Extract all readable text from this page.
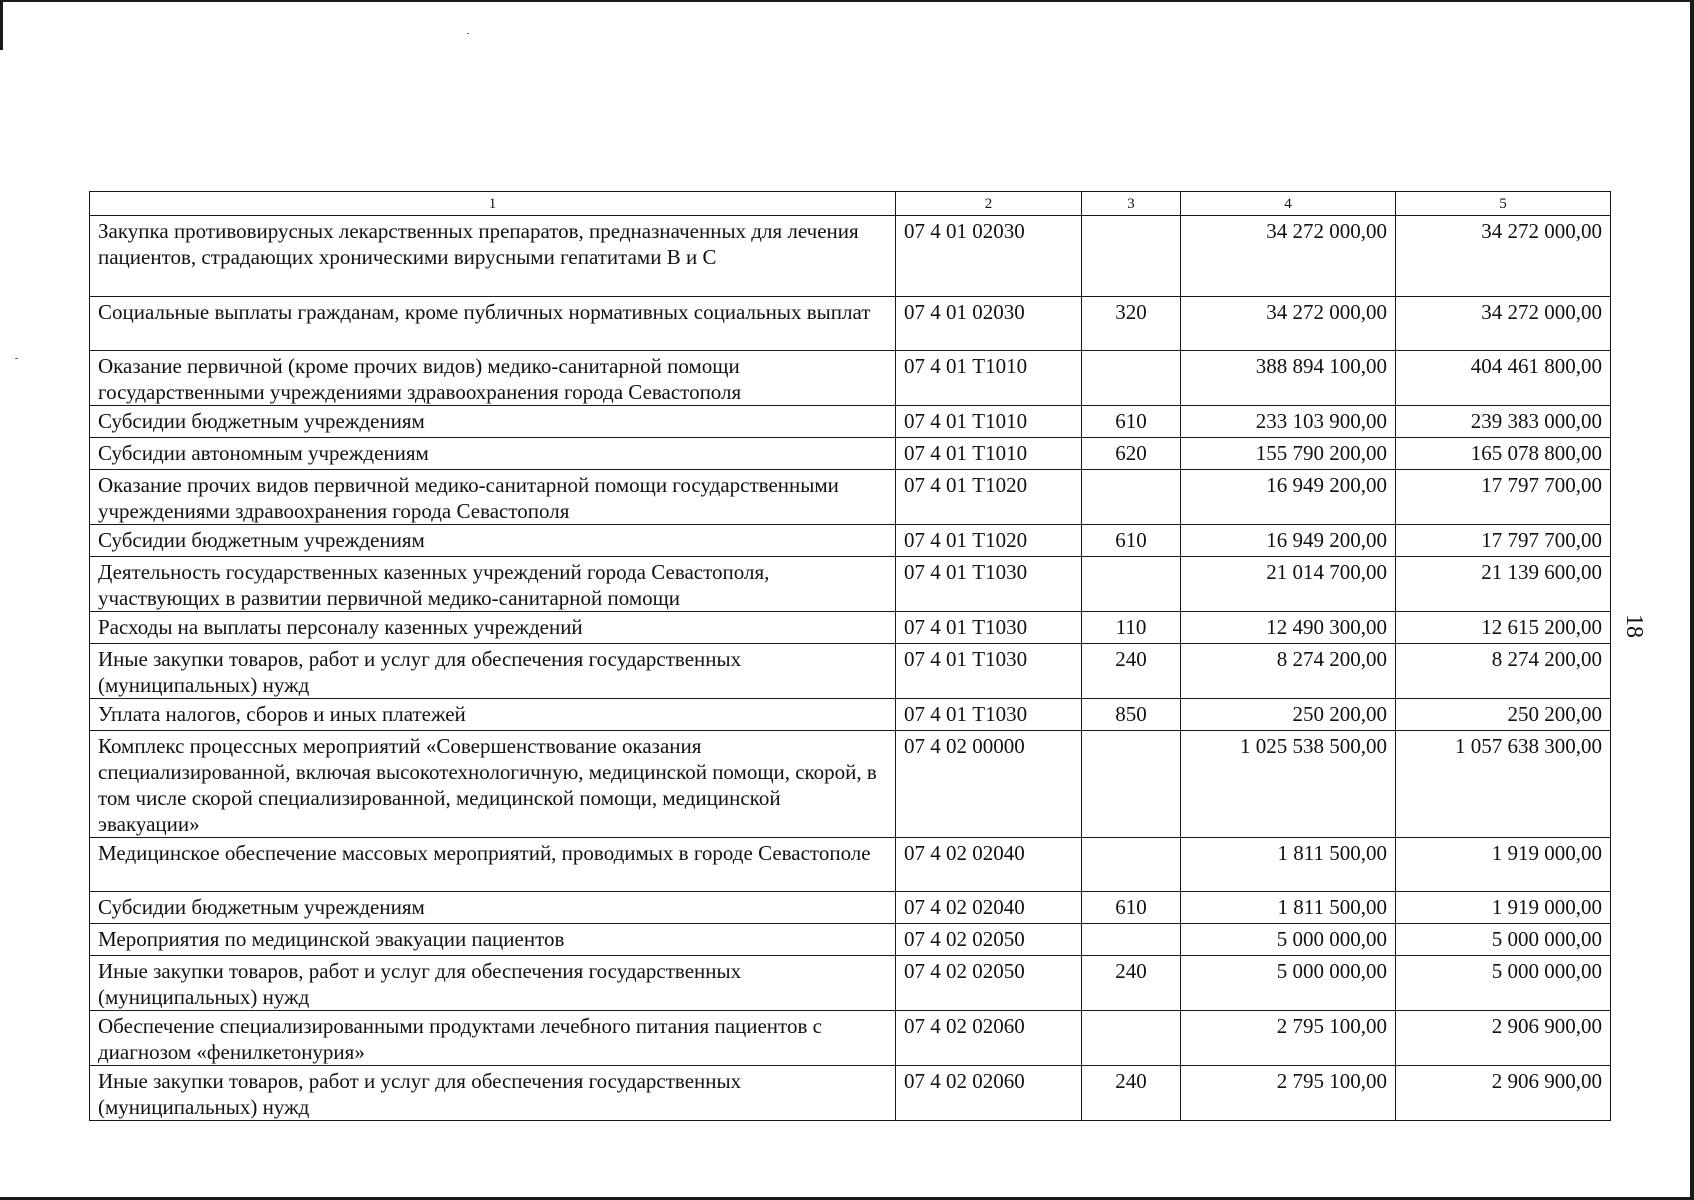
18
1	2	3	4	5
Закупка противовирусных лекарственных препаратов, предназначенных для лечения пациентов, страдающих хроническими вирусными гепатитами В и С	07 4 01 02030		34 272 000,00	34 272 000,00
Социальные выплаты гражданам, кроме публичных нормативных социальных выплат	07 4 01 02030	320	34 272 000,00	34 272 000,00
Оказание первичной (кроме прочих видов) медико-санитарной помощи государственными учреждениями здравоохранения города Севастополя	07 4 01 Т1010		388 894 100,00	404 461 800,00
Субсидии бюджетным учреждениям	07 4 01 Т1010	610	233 103 900,00	239 383 000,00
Субсидии автономным учреждениям	07 4 01 Т1010	620	155 790 200,00	165 078 800,00
Оказание прочих видов первичной медико-санитарной помощи государственными учреждениями здравоохранения города Севастополя	07 4 01 Т1020		16 949 200,00	17 797 700,00
Субсидии бюджетным учреждениям	07 4 01 Т1020	610	16 949 200,00	17 797 700,00
Деятельность государственных казенных учреждений города Севастополя, участвующих в развитии первичной медико-санитарной помощи	07 4 01 Т1030		21 014 700,00	21 139 600,00
Расходы на выплаты персоналу казенных учреждений	07 4 01 Т1030	110	12 490 300,00	12 615 200,00
Иные закупки товаров, работ и услуг для обеспечения государственных (муниципальных) нужд	07 4 01 Т1030	240	8 274 200,00	8 274 200,00
Уплата налогов, сборов и иных платежей	07 4 01 Т1030	850	250 200,00	250 200,00
Комплекс процессных мероприятий «Совершенствование оказания специализированной, включая высокотехнологичную, медицинской помощи, скорой, в том числе скорой специализированной, медицинской помощи, медицинской эвакуации»	07 4 02 00000		1 025 538 500,00	1 057 638 300,00
Медицинское обеспечение массовых мероприятий, проводимых в городе Севастополе	07 4 02 02040		1 811 500,00	1 919 000,00
Субсидии бюджетным учреждениям	07 4 02 02040	610	1 811 500,00	1 919 000,00
Мероприятия по медицинской эвакуации пациентов	07 4 02 02050		5 000 000,00	5 000 000,00
Иные закупки товаров, работ и услуг для обеспечения государственных (муниципальных) нужд	07 4 02 02050	240	5 000 000,00	5 000 000,00
Обеспечение специализированными продуктами лечебного питания пациентов с диагнозом «фенилкетонурия»	07 4 02 02060		2 795 100,00	2 906 900,00
Иные закупки товаров, работ и услуг для обеспечения государственных (муниципальных) нужд	07 4 02 02060	240	2 795 100,00	2 906 900,00
